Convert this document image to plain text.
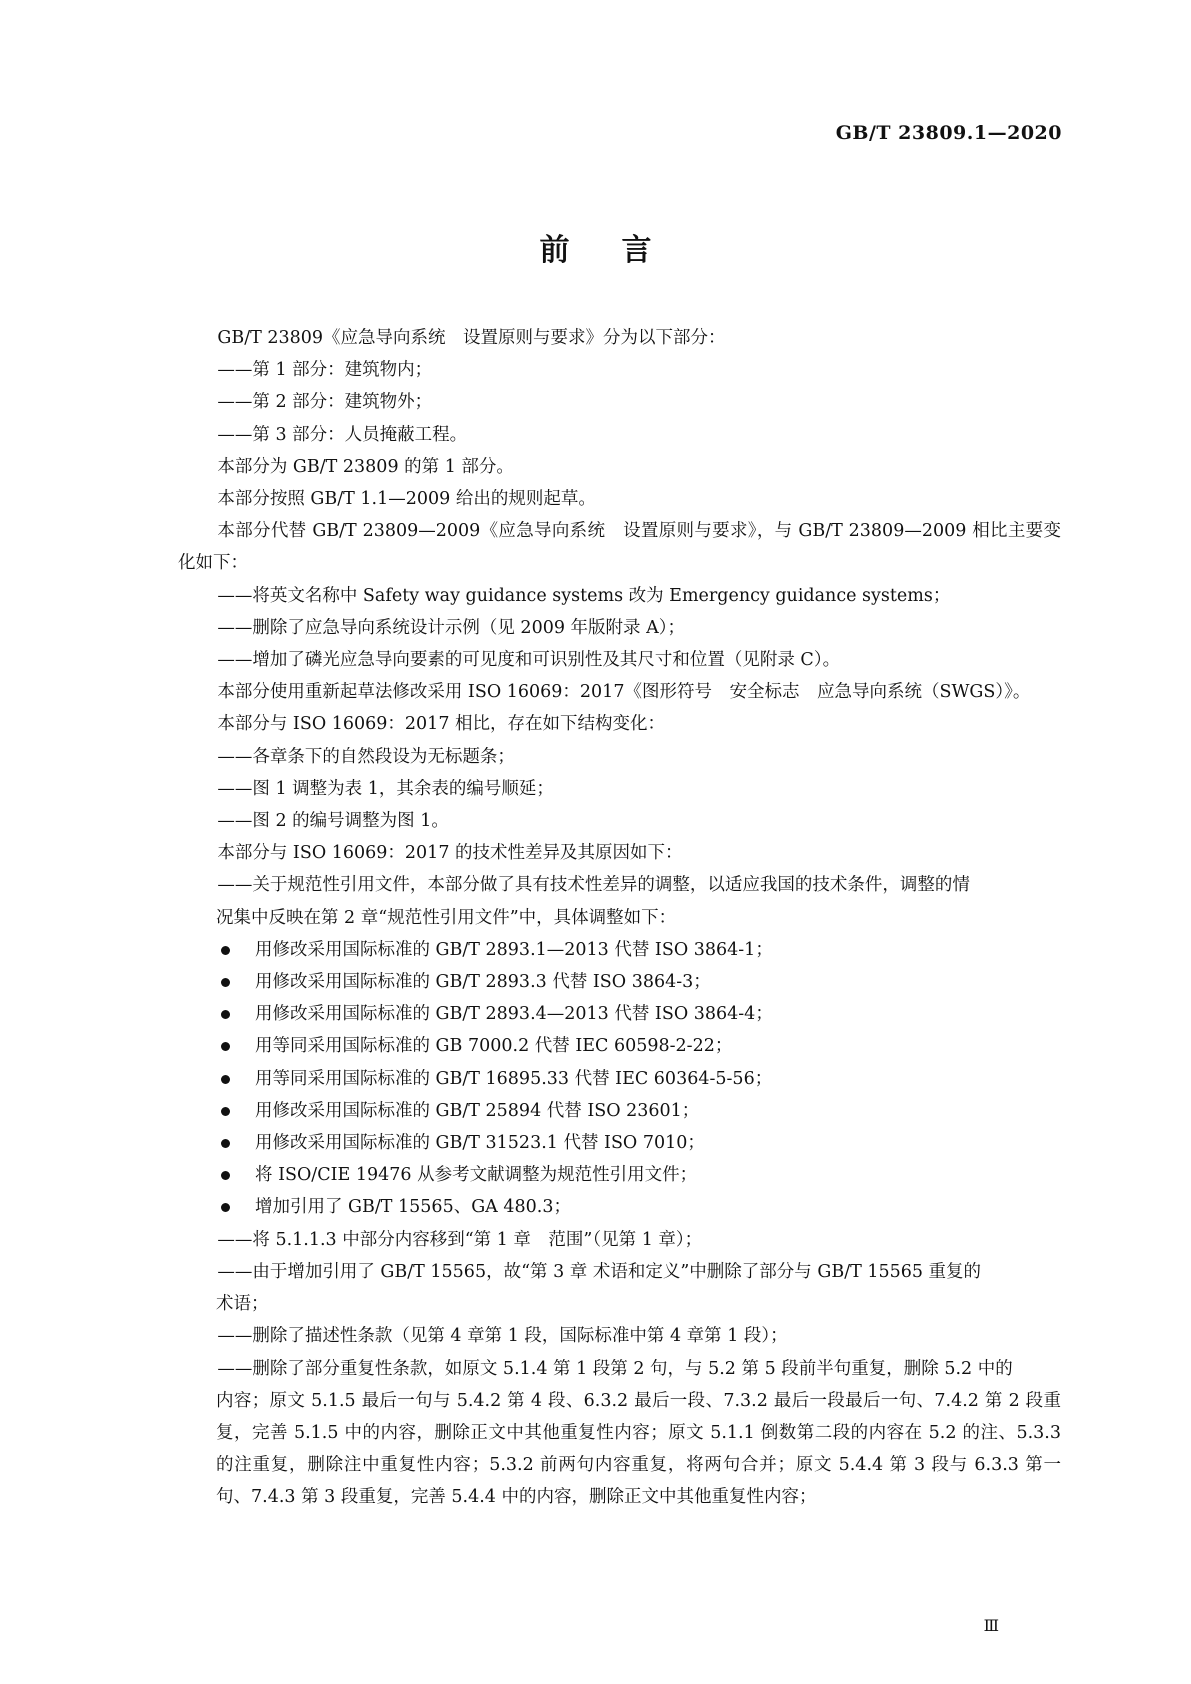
GB/T 23809.1—2020
前言

GB/T 23809《应急导向系统　设置原则与要求》分为以下部分：

——第 1 部分：建筑物内；

——第 2 部分：建筑物外；

——第 3 部分：人员掩蔽工程。

本部分为 GB/T 23809 的第 1 部分。

本部分按照 GB/T 1.1—2009 给出的规则起草。

本部分代替 GB/T 23809—2009《应急导向系统　设置原则与要求》，与 GB/T 23809—2009 相比主要变化如下：

——将英文名称中 Safety way guidance systems 改为 Emergency guidance systems；

——删除了应急导向系统设计示例（见 2009 年版附录 A）；

——增加了磷光应急导向要素的可见度和可识别性及其尺寸和位置（见附录 C）。

本部分使用重新起草法修改采用 ISO 16069：2017《图形符号　安全标志　应急导向系统（SWGS）》。

本部分与 ISO 16069：2017 相比，存在如下结构变化：

——各章条下的自然段设为无标题条；

——图 1 调整为表 1，其余表的编号顺延；

——图 2 的编号调整为图 1。

本部分与 ISO 16069：2017 的技术性差异及其原因如下：

——关于规范性引用文件，本部分做了具有技术性差异的调整，以适应我国的技术条件，调整的情

况集中反映在第 2 章“规范性引用文件”中，具体调整如下：

用修改采用国际标准的 GB/T 2893.1—2013 代替 ISO 3864-1；

用修改采用国际标准的 GB/T 2893.3 代替 ISO 3864-3；

用修改采用国际标准的 GB/T 2893.4—2013 代替 ISO 3864-4；

用等同采用国际标准的 GB 7000.2 代替 IEC 60598-2-22；

用等同采用国际标准的 GB/T 16895.33 代替 IEC 60364-5-56；

用修改采用国际标准的 GB/T 25894 代替 ISO 23601；

用修改采用国际标准的 GB/T 31523.1 代替 ISO 7010；

将 ISO/CIE 19476 从参考文献调整为规范性引用文件；

增加引用了 GB/T 15565、GA 480.3；

——将 5.1.1.3 中部分内容移到“第 1 章　范围”（见第 1 章）；

——由于增加引用了 GB/T 15565，故“第 3 章 术语和定义”中删除了部分与 GB/T 15565 重复的

术语；

——删除了描述性条款（见第 4 章第 1 段，国际标准中第 4 章第 1 段）；

——删除了部分重复性条款，如原文 5.1.4 第 1 段第 2 句，与 5.2 第 5 段前半句重复，删除 5.2 中的

内容；原文 5.1.5 最后一句与 5.4.2 第 4 段、6.3.2 最后一段、7.3.2 最后一段最后一句、7.4.2 第 2 段重复，完善 5.1.5 中的内容，删除正文中其他重复性内容；原文 5.1.1 倒数第二段的内容在 5.2 的注、5.3.3 的注重复，删除注中重复性内容；5.3.2 前两句内容重复，将两句合并；原文 5.4.4 第 3 段与 6.3.3 第一句、7.4.3 第 3 段重复，完善 5.4.4 中的内容，删除正文中其他重复性内容；

Ⅲ
